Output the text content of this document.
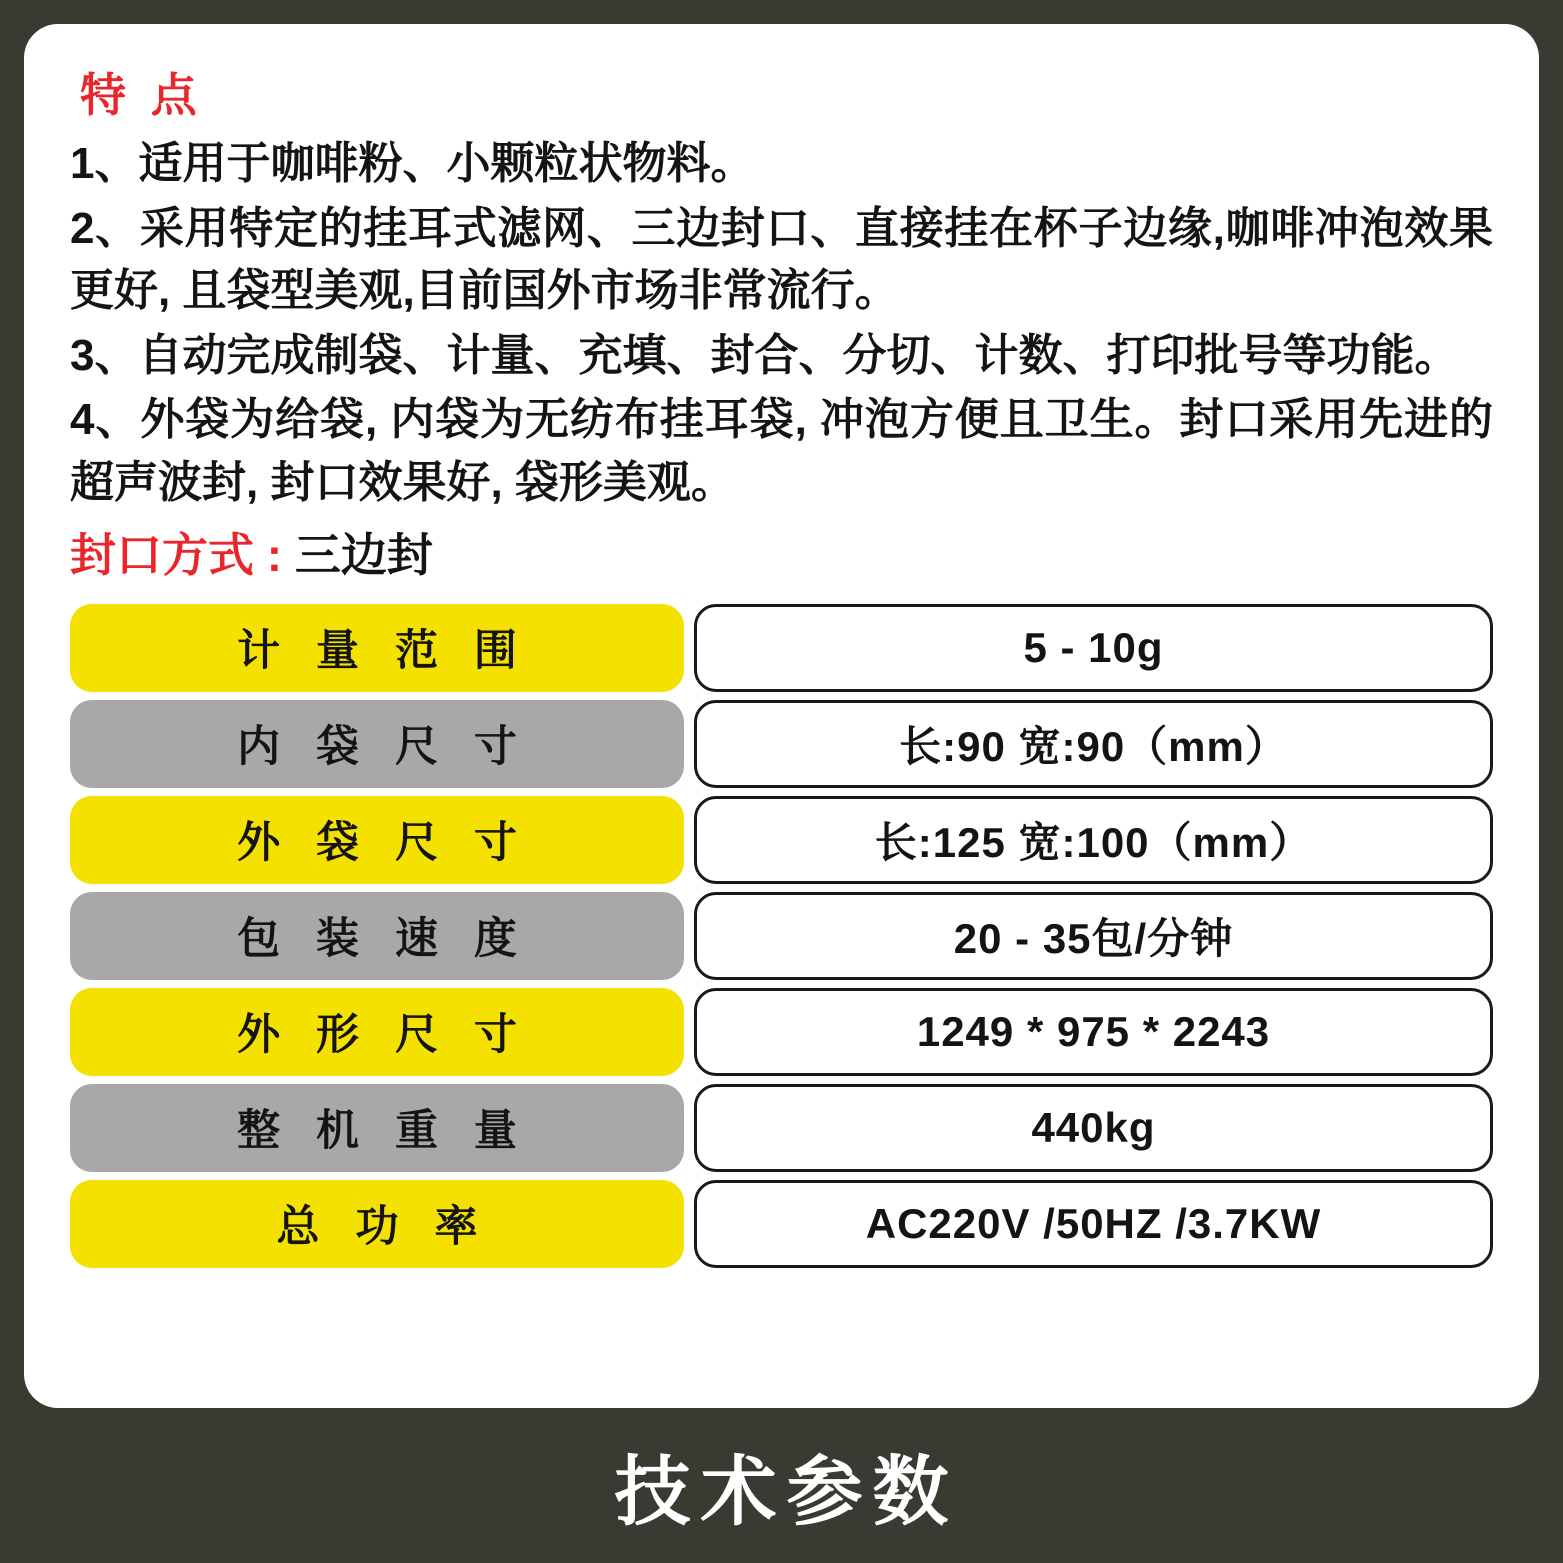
特 点
1、适用于咖啡粉、小颗粒状物料。
2、采用特定的挂耳式滤网、三边封口、直接挂在杯子边缘,咖啡冲泡效果更好, 且袋型美观,目前国外市场非常流行。
3、自动完成制袋、计量、充填、封合、分切、计数、打印批号等功能。
4、外袋为给袋, 内袋为无纺布挂耳袋, 冲泡方便且卫生。封口采用先进的超声波封, 封口效果好, 袋形美观。
封口方式 : 三边封
计 量 范 围	5 - 10g
内 袋 尺 寸	长:90 宽:90（mm）
外 袋 尺 寸	长:125 宽:100（mm）
包 装 速 度	20 - 35包/分钟
外 形 尺 寸	1249 * 975 * 2243
整 机 重 量	440kg
总 功 率	AC220V /50HZ /3.7KW
技术参数
